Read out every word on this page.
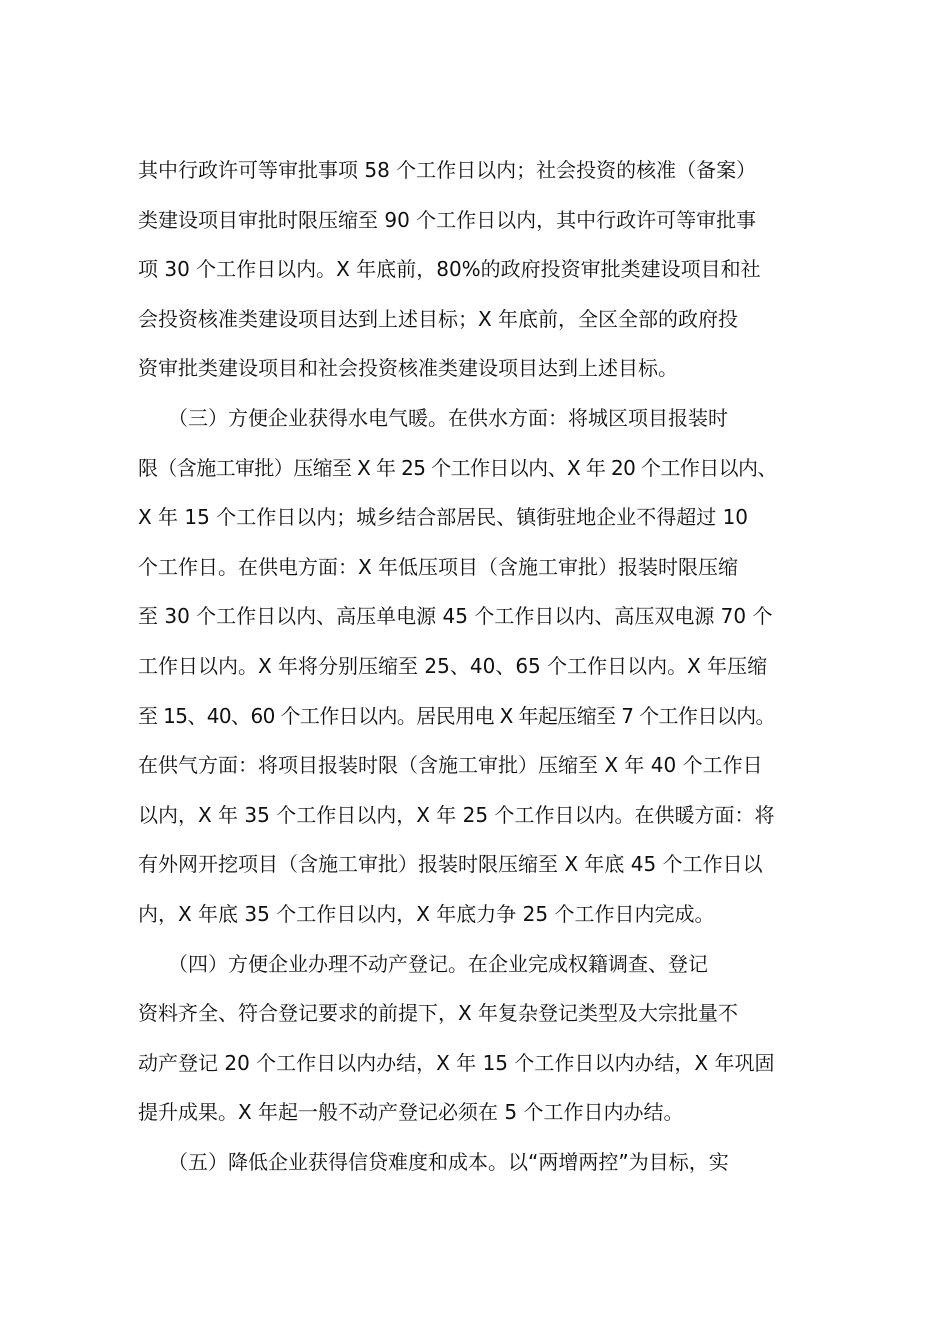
其中行政许可等审批事项 58 个工作日以内；社会投资的核准（备案）
类建设项目审批时限压缩至 90 个工作日以内，其中行政许可等审批事
项 30 个工作日以内。X 年底前，80%的政府投资审批类建设项目和社
会投资核准类建设项目达到上述目标；X 年底前，全区全部的政府投
资审批类建设项目和社会投资核准类建设项目达到上述目标。
　　（三）方便企业获得水电气暖。在供水方面：将城区项目报装时
限（含施工审批）压缩至 X 年 25 个工作日以内、X 年 20 个工作日以内、
X 年 15 个工作日以内；城乡结合部居民、镇街驻地企业不得超过 10
个工作日。在供电方面：X 年低压项目（含施工审批）报装时限压缩
至 30 个工作日以内、高压单电源 45 个工作日以内、高压双电源 70 个
工作日以内。X 年将分别压缩至 25、40、65 个工作日以内。X 年压缩
至 15、40、60 个工作日以内。居民用电 X 年起压缩至 7 个工作日以内。
在供气方面：将项目报装时限（含施工审批）压缩至 X 年 40 个工作日
以内，X 年 35 个工作日以内，X 年 25 个工作日以内。在供暖方面：将
有外网开挖项目（含施工审批）报装时限压缩至 X 年底 45 个工作日以
内，X 年底 35 个工作日以内，X 年底力争 25 个工作日内完成。
　　（四）方便企业办理不动产登记。在企业完成权籍调查、登记
资料齐全、符合登记要求的前提下，X 年复杂登记类型及大宗批量不
动产登记 20 个工作日以内办结，X 年 15 个工作日以内办结，X 年巩固
提升成果。X 年起一般不动产登记必须在 5 个工作日内办结。
　　（五）降低企业获得信贷难度和成本。以“两增两控”为目标，实
